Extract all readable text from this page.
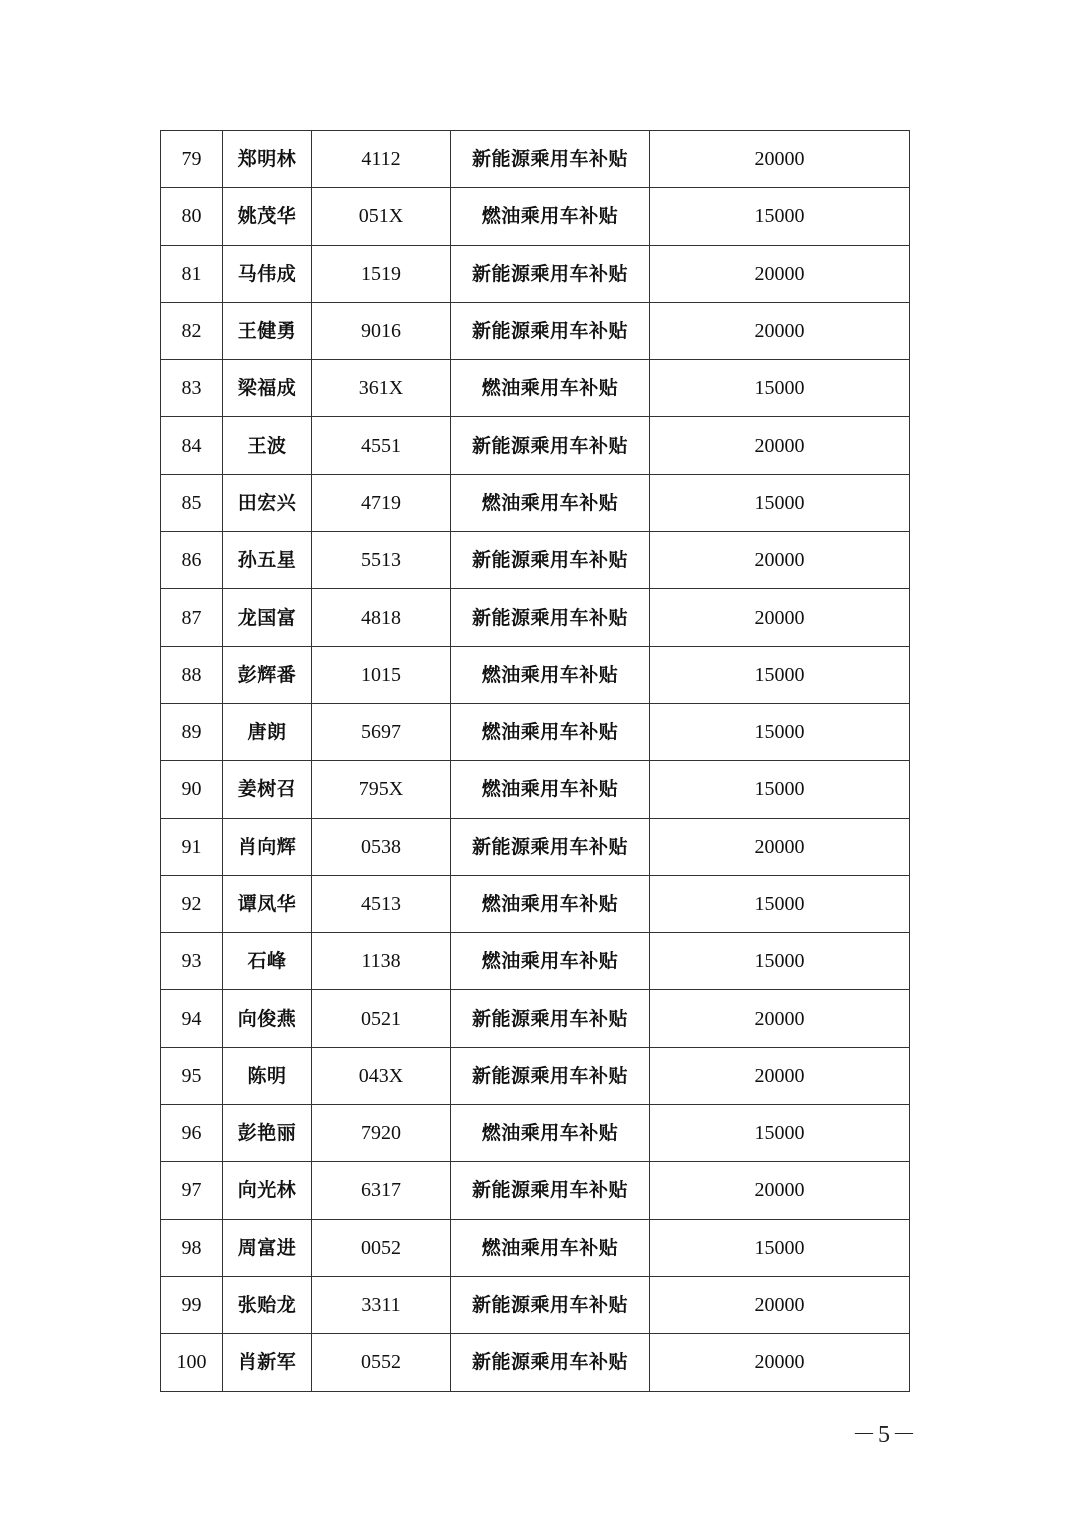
79	郑明林	4112	新能源乘用车补贴	20000
80	姚茂华	051X	燃油乘用车补贴	15000
81	马伟成	1519	新能源乘用车补贴	20000
82	王健勇	9016	新能源乘用车补贴	20000
83	梁福成	361X	燃油乘用车补贴	15000
84	王波	4551	新能源乘用车补贴	20000
85	田宏兴	4719	燃油乘用车补贴	15000
86	孙五星	5513	新能源乘用车补贴	20000
87	龙国富	4818	新能源乘用车补贴	20000
88	彭辉番	1015	燃油乘用车补贴	15000
89	唐朗	5697	燃油乘用车补贴	15000
90	姜树召	795X	燃油乘用车补贴	15000
91	肖向辉	0538	新能源乘用车补贴	20000
92	谭凤华	4513	燃油乘用车补贴	15000
93	石峰	1138	燃油乘用车补贴	15000
94	向俊燕	0521	新能源乘用车补贴	20000
95	陈明	043X	新能源乘用车补贴	20000
96	彭艳丽	7920	燃油乘用车补贴	15000
97	向光林	6317	新能源乘用车补贴	20000
98	周富进	0052	燃油乘用车补贴	15000
99	张贻龙	3311	新能源乘用车补贴	20000
100	肖新军	0552	新能源乘用车补贴	20000
－5－
